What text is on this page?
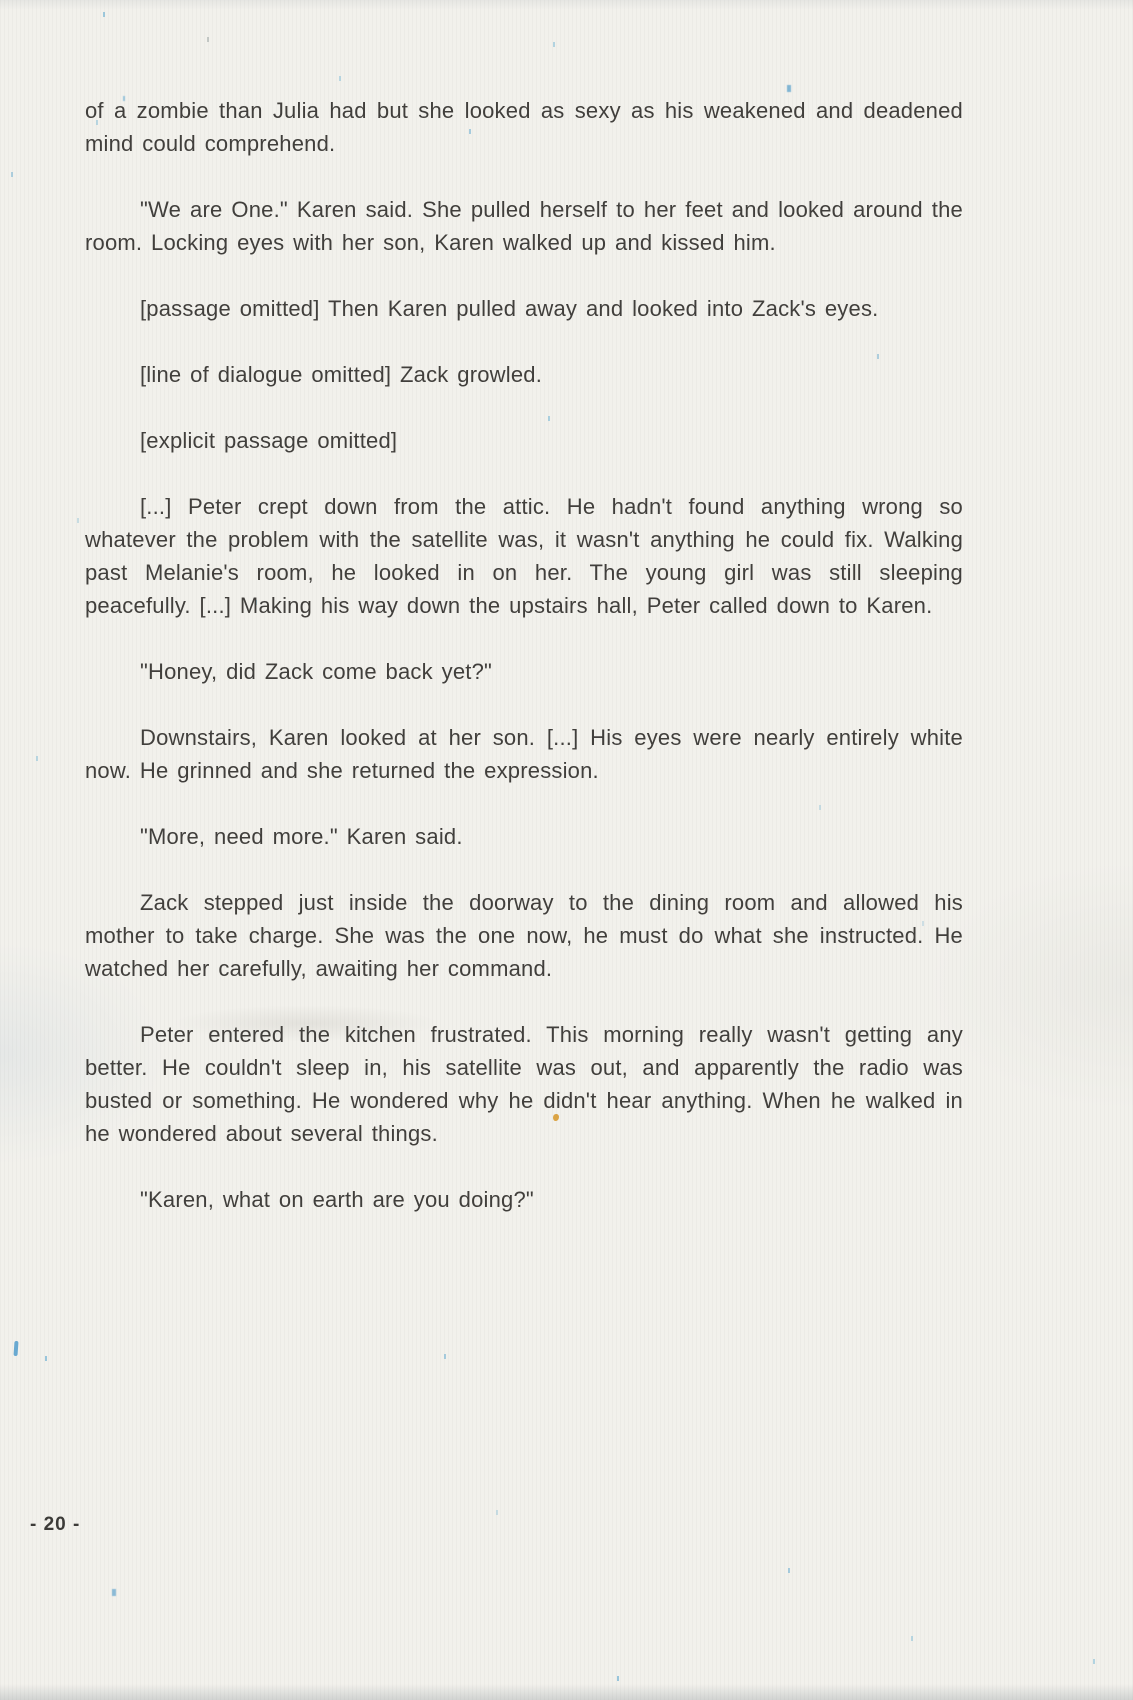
of a zombie than Julia had but she looked as sexy as his weakened and deadened mind could comprehend.

"We are One." Karen said. She pulled herself to her feet and looked around the room. Locking eyes with her son, Karen walked up and kissed him.

[passage omitted] Then Karen pulled away and looked into Zack's eyes.

[line of dialogue omitted] Zack growled.

[explicit passage omitted]

[...] Peter crept down from the attic. He hadn't found anything wrong so whatever the problem with the satellite was, it wasn't anything he could fix. Walking past Melanie's room, he looked in on her. The young girl was still sleeping peacefully. [...] Making his way down the upstairs hall, Peter called down to Karen.

"Honey, did Zack come back yet?"

Downstairs, Karen looked at her son. [...] His eyes were nearly entirely white now. He grinned and she returned the expression.

"More, need more." Karen said.

Zack stepped just inside the doorway to the dining room and allowed his mother to take charge. She was the one now, he must do what she instructed. He watched her carefully, awaiting her command.

Peter entered the kitchen frustrated. This morning really wasn't getting any better. He couldn't sleep in, his satellite was out, and apparently the radio was busted or something. He wondered why he didn't hear anything. When he walked in he wondered about several things.

"Karen, what on earth are you doing?"

- 20 -
